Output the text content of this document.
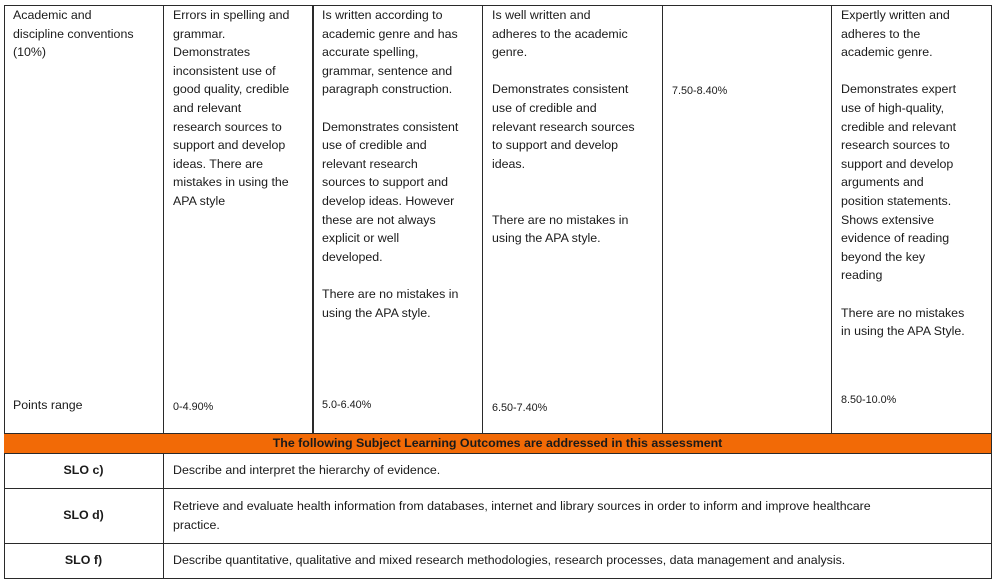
Academic and
discipline conventions
(10%)
Points range
Errors in spelling and
grammar.
Demonstrates
inconsistent use of
good quality, credible
and relevant
research sources to
support and develop
ideas. There are
mistakes in using the
APA style
0-4.90%
Is written according to
academic genre and has
accurate spelling,
grammar, sentence and
paragraph construction.

Demonstrates consistent
use of credible and
relevant research
sources to support and
develop ideas. However
these are not always
explicit or well
developed.

There are no mistakes in
using the APA style.
5.0-6.40%
Is well written and
adheres to the academic
genre.

Demonstrates consistent
use of credible and
relevant research sources
to support and develop
ideas.

There are no mistakes in
using the APA style.
6.50-7.40%
7.50-8.40%
Expertly written and
adheres to the
academic genre.

Demonstrates expert
use of high-quality,
credible and relevant
research sources to
support and develop
arguments and
position statements.
Shows extensive
evidence of reading
beyond the key
reading

There are no mistakes
in using the APA Style.
8.50-10.0%
The following Subject Learning Outcomes are addressed in this assessment
SLO c)	Describe and interpret the hierarchy of evidence.
SLO d)
Retrieve and evaluate health information from databases, internet and library sources in order to inform and improve healthcare
practice.
SLO f)	Describe quantitative, qualitative and mixed research methodologies, research processes, data management and analysis.
